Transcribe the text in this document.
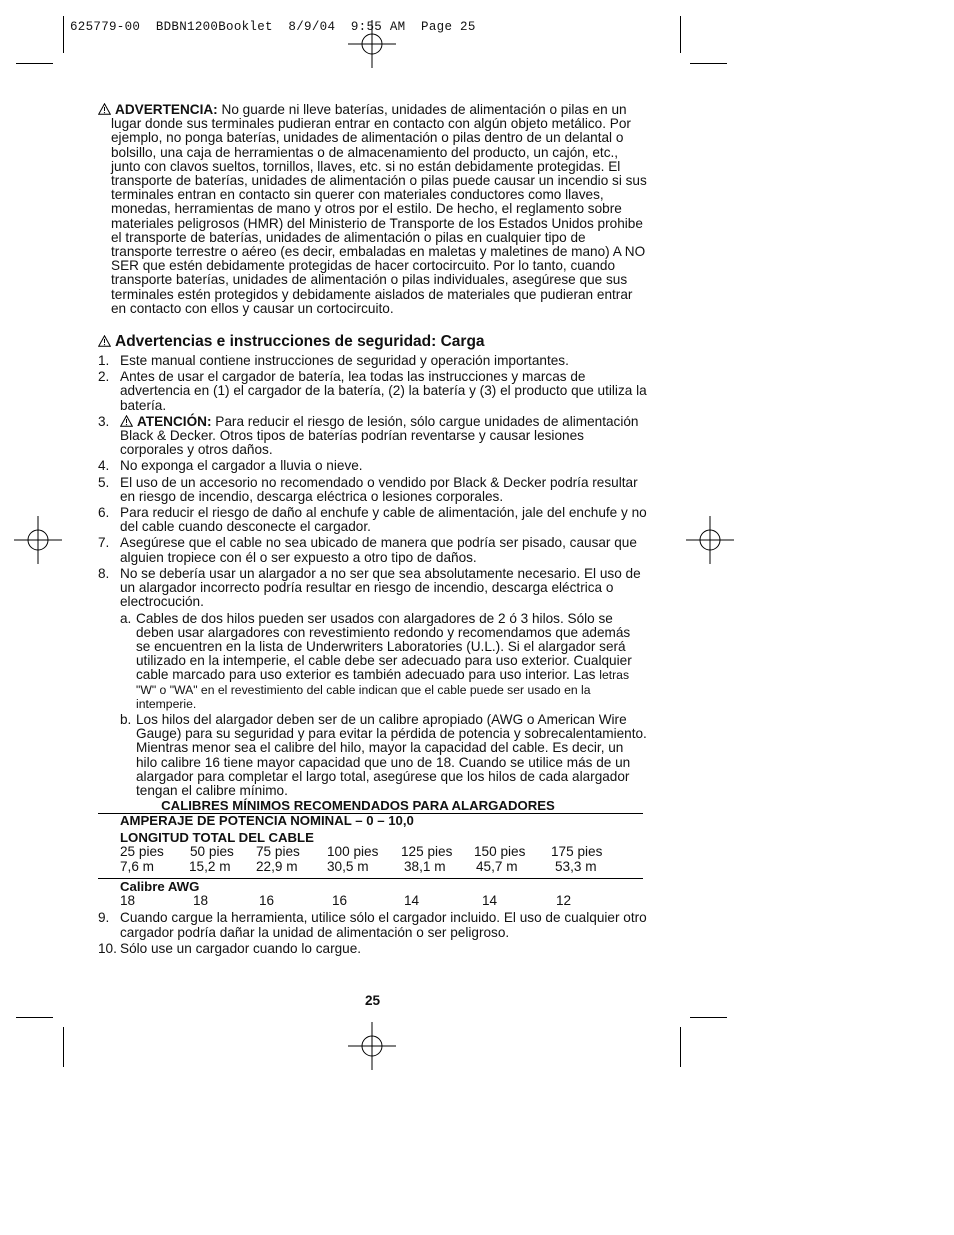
625779-00  BDBN1200Booklet  8/9/04  9:55 AM  Page 25
ADVERTENCIA: No guarde ni lleve baterías, unidades de alimentación o pilas en un
lugar donde sus terminales pudieran entrar en contacto con algún objeto metálico. Por ejemplo, no ponga baterías, unidades de alimentación o pilas dentro de un delantal o bolsillo, una caja de herramientas o de almacenamiento del producto, un cajón, etc., junto con clavos sueltos, tornillos, llaves, etc. si no están debidamente protegidas. El transporte de baterías, unidades de alimentación o pilas puede causar un incendio si sus terminales entran en contacto sin querer con materiales conductores como llaves, monedas, herramientas de mano y otros por el estilo. De hecho, el reglamento sobre materiales peligrosos (HMR) del Ministerio de Transporte de los Estados Unidos prohibe el transporte de baterías, unidades de alimentación o pilas en cualquier tipo de transporte terrestre o aéreo (es decir, embaladas en maletas y maletines de mano) A NO SER que estén debidamente protegidas de hacer cortocircuito. Por lo tanto, cuando transporte baterías, unidades de alimentación o pilas individuales, asegúrese que sus terminales estén protegidos y debidamente aislados de materiales que pudieran entrar en contacto con ellos y causar un cortocircuito.
Advertencias e instrucciones de seguridad: Carga
1. Este manual contiene instrucciones de seguridad y operación importantes.
2. Antes de usar el cargador de batería, lea todas las instrucciones y marcas de advertencia en (1) el cargador de la batería, (2) la batería y (3) el producto que utiliza la batería.
3. ATENCIÓN: Para reducir el riesgo de lesión, sólo cargue unidades de alimentación Black & Decker. Otros tipos de baterías podrían reventarse y causar lesiones corporales y otros daños.
4. No exponga el cargador a lluvia o nieve.
5. El uso de un accesorio no recomendado o vendido por Black & Decker podría resultar en riesgo de incendio, descarga eléctrica o lesiones corporales.
6. Para reducir el riesgo de daño al enchufe y cable de alimentación, jale del enchufe y no del cable cuando desconecte el cargador.
7. Asegúrese que el cable no sea ubicado de manera que podría ser pisado, causar que alguien tropiece con él o ser expuesto a otro tipo de daños.
8. No se debería usar un alargador a no ser que sea absolutamente necesario. El uso de un alargador incorrecto podría resultar en riesgo de incendio, descarga eléctrica o electrocución.
a. Cables de dos hilos pueden ser usados con alargadores de 2 ó 3 hilos. Sólo se deben usar alargadores con revestimiento redondo y recomendamos que además se encuentren en la lista de Underwriters Laboratories (U.L.). Si el alargador será utilizado en la intemperie, el cable debe ser adecuado para uso exterior. Cualquier cable marcado para uso exterior es también adecuado para uso interior. Las letras "W" o "WA" en el revestimiento del cable indican que el cable puede ser usado en la intemperie.
b. Los hilos del alargador deben ser de un calibre apropiado (AWG o American Wire Gauge) para su seguridad y para evitar la pérdida de potencia y sobrecalentamiento. Mientras menor sea el calibre del hilo, mayor la capacidad del cable. Es decir, un hilo calibre 16 tiene mayor capacidad que uno de 18. Cuando se utilice más de un alargador para completar el largo total, asegúrese que los hilos de cada alargador tengan el calibre mínimo.
CALIBRES MÍNIMOS RECOMENDADOS PARA ALARGADORES
AMPERAJE DE POTENCIA NOMINAL – 0 – 10,0
LONGITUD TOTAL DEL CABLE
25 pies 50 pies 75 pies 100 pies 125 pies 150 pies 175 pies
7,6 m	15,2 m 22,9 m 30,5 m	38,1 m 45,7 m	53,3 m
Calibre AWG
18	18	16	16	14	14	12
9. Cuando cargue la herramienta, utilice sólo el cargador incluido. El uso de cualquier otro cargador podría dañar la unidad de alimentación o ser peligroso.
10. Sólo use un cargador cuando lo cargue.
25
